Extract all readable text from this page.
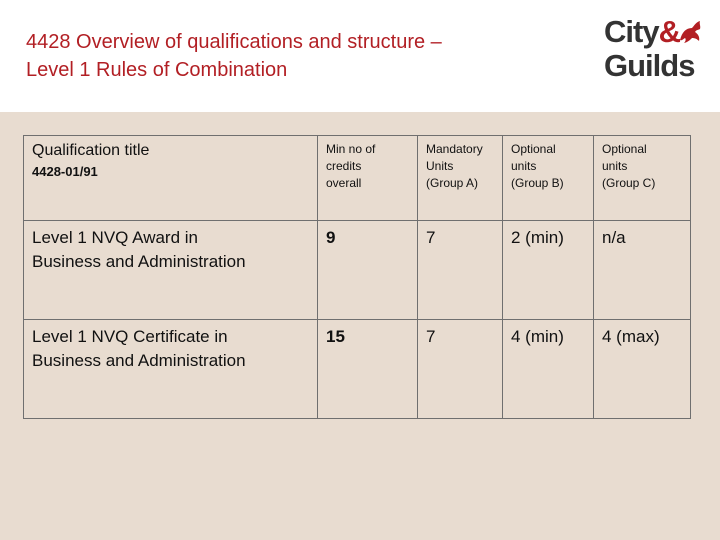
4428 Overview of qualifications and structure –
Level 1 Rules of Combination
City&
Guilds
Qualification title
4428-01/91	Min no of
credits
overall	Mandatory
Units
(Group A)	Optional
units
(Group B)	Optional
units
(Group C)
Level 1 NVQ Award in
Business and Administration	9	7	2 (min)	n/a
Level 1 NVQ Certificate in
Business and Administration	15	7	4 (min)	4 (max)
